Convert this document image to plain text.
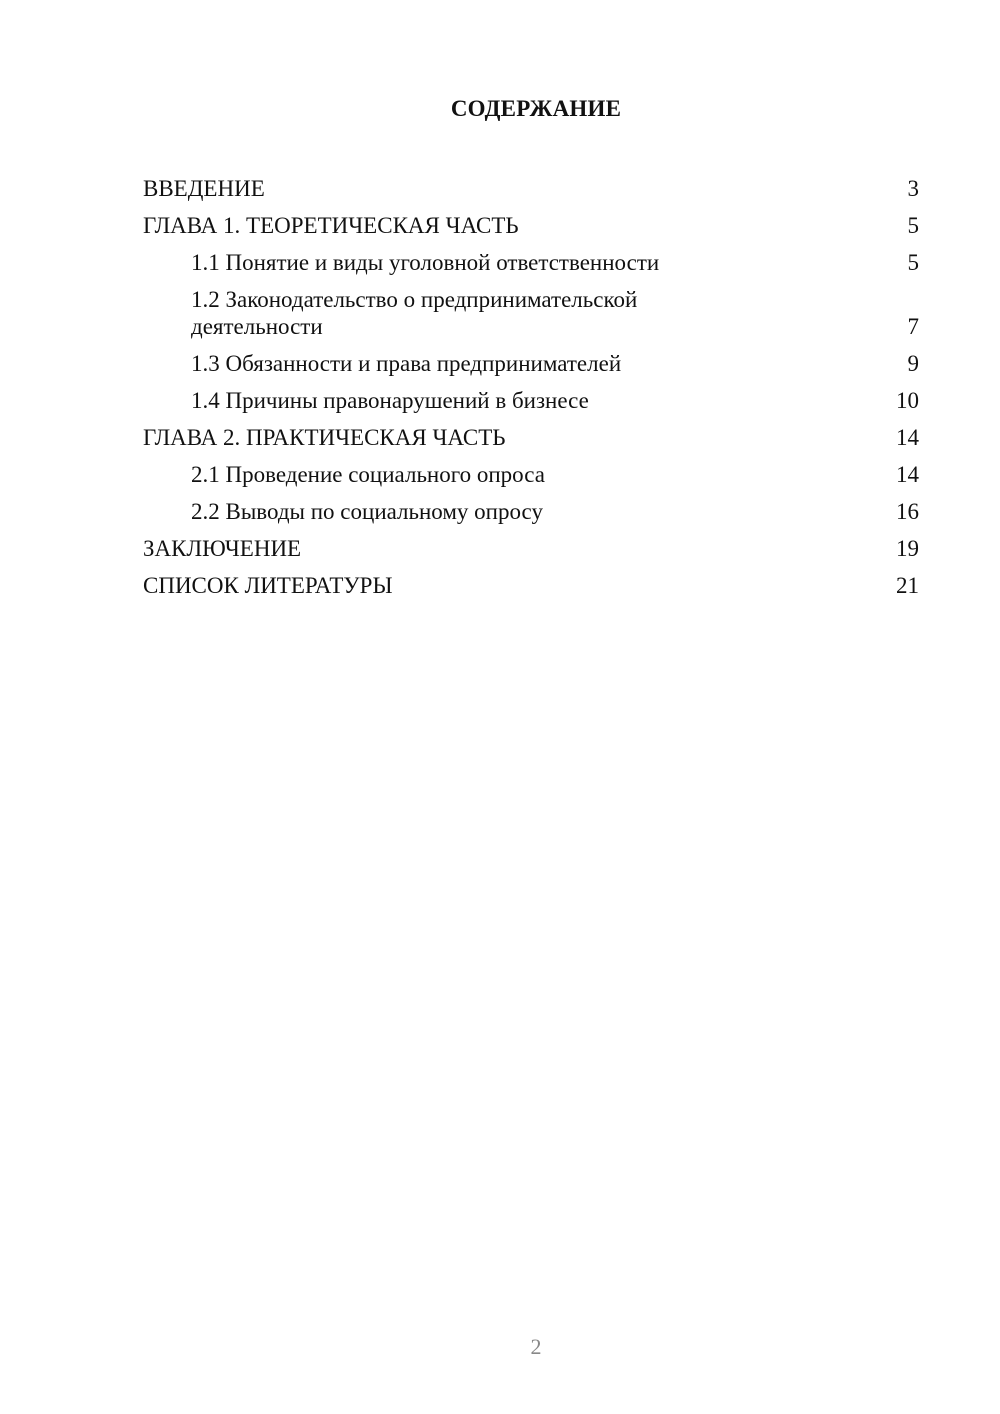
СОДЕРЖАНИЕ
ВВЕДЕНИЕ	3
ГЛАВА 1. ТЕОРЕТИЧЕСКАЯ ЧАСТЬ	5
1.1 Понятие и виды уголовной ответственности	5
1.2 Законодательство о предпринимательской деятельности	7
1.3 Обязанности и права предпринимателей	9
1.4 Причины правонарушений в бизнесе	10
ГЛАВА 2. ПРАКТИЧЕСКАЯ ЧАСТЬ	14
2.1 Проведение социального опроса	14
2.2 Выводы по социальному опросу	16
ЗАКЛЮЧЕНИЕ	19
СПИСОК ЛИТЕРАТУРЫ	21
2
